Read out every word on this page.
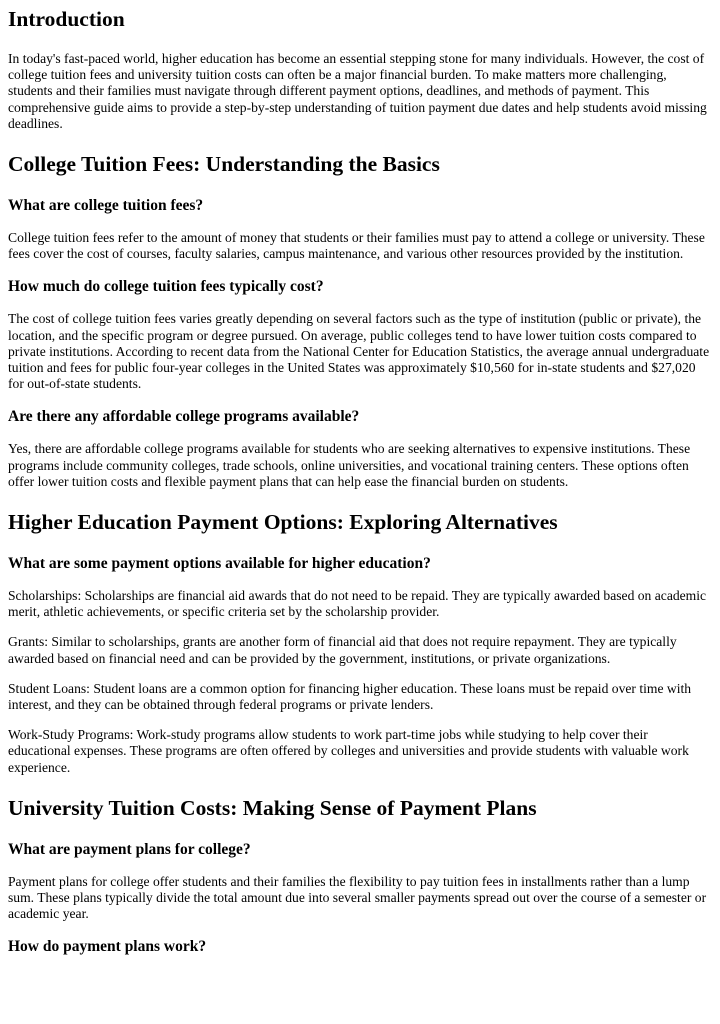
Introduction

In today's fast-paced world, higher education has become an essential stepping stone for many individuals. However, the cost of college tuition fees and university tuition costs can often be a major financial burden. To make matters more challenging, students and their families must navigate through different payment options, deadlines, and methods of payment. This comprehensive guide aims to provide a step-by-step understanding of tuition payment due dates and help students avoid missing deadlines.

College Tuition Fees: Understanding the Basics
What are college tuition fees?

College tuition fees refer to the amount of money that students or their families must pay to attend a college or university. These fees cover the cost of courses, faculty salaries, campus maintenance, and various other resources provided by the institution.

How much do college tuition fees typically cost?

The cost of college tuition fees varies greatly depending on several factors such as the type of institution (public or private), the location, and the specific program or degree pursued. On average, public colleges tend to have lower tuition costs compared to private institutions. According to recent data from the National Center for Education Statistics, the average annual undergraduate tuition and fees for public four-year colleges in the United States was approximately $10,560 for in-state students and $27,020 for out-of-state students.

Are there any affordable college programs available?

Yes, there are affordable college programs available for students who are seeking alternatives to expensive institutions. These programs include community colleges, trade schools, online universities, and vocational training centers. These options often offer lower tuition costs and flexible payment plans that can help ease the financial burden on students.

Higher Education Payment Options: Exploring Alternatives
What are some payment options available for higher education?

Scholarships: Scholarships are financial aid awards that do not need to be repaid. They are typically awarded based on academic merit, athletic achievements, or specific criteria set by the scholarship provider.

Grants: Similar to scholarships, grants are another form of financial aid that does not require repayment. They are typically awarded based on financial need and can be provided by the government, institutions, or private organizations.

Student Loans: Student loans are a common option for financing higher education. These loans must be repaid over time with interest, and they can be obtained through federal programs or private lenders.

Work-Study Programs: Work-study programs allow students to work part-time jobs while studying to help cover their educational expenses. These programs are often offered by colleges and universities and provide students with valuable work experience.

University Tuition Costs: Making Sense of Payment Plans
What are payment plans for college?

Payment plans for college offer students and their families the flexibility to pay tuition fees in installments rather than a lump sum. These plans typically divide the total amount due into several smaller payments spread out over the course of a semester or academic year.

How do payment plans work?
